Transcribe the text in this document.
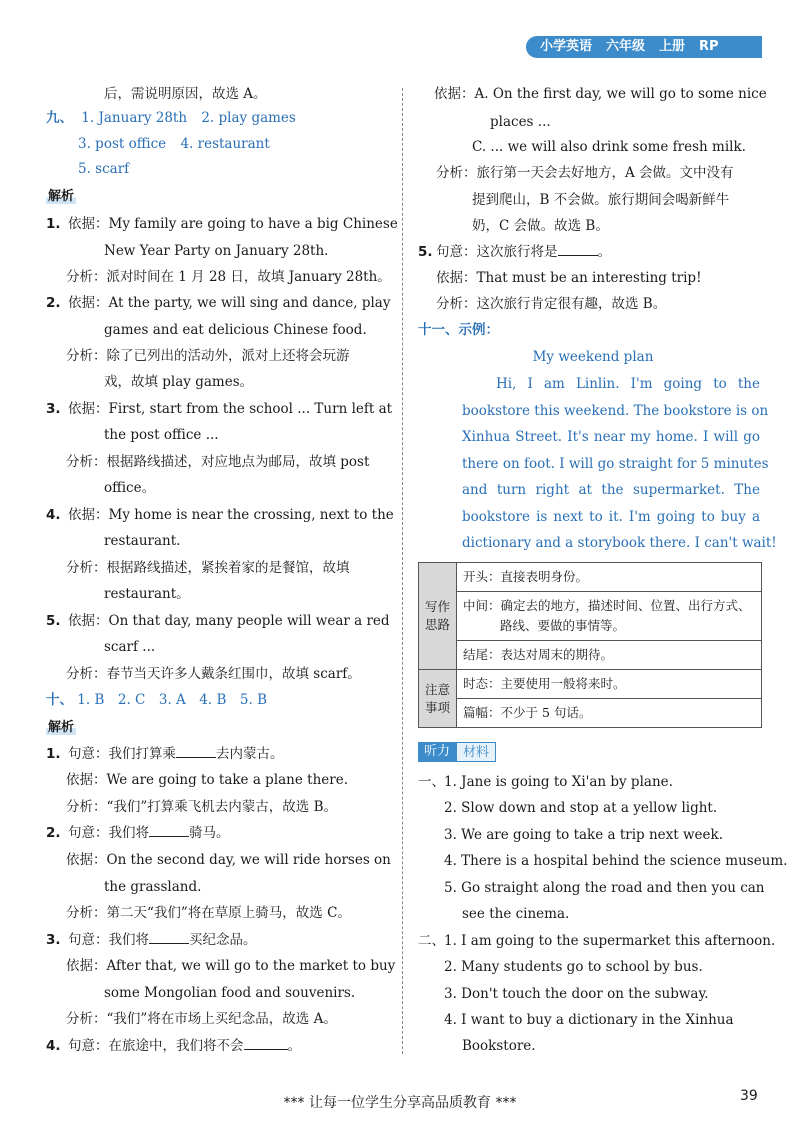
小学英语 六年级 上册 RP
后，需说明原因，故选 A。
九、 1. January 28th 2. play games
3. post office 4. restaurant
5. scarf
解析
1. 依据：My family are going to have a big Chinese
New Year Party on January 28th.
分析：派对时间在 1 月 28 日，故填 January 28th。
2. 依据：At the party, we will sing and dance, play
games and eat delicious Chinese food.
分析：除了已列出的活动外，派对上还将会玩游
戏，故填 play games。
3. 依据：First, start from the school ... Turn left at
the post office ...
分析：根据路线描述，对应地点为邮局，故填 post
office。
4. 依据：My home is near the crossing, next to the
restaurant.
分析：根据路线描述，紧挨着家的是餐馆，故填
restaurant。
5. 依据：On that day, many people will wear a red
scarf ...
分析：春节当天许多人戴条红围巾，故填 scarf。
十、 1. B　2. C　3. A　4. B　5. B
解析
1. 句意：我们打算乘	去内蒙古。
依据：We are going to take a plane there.
分析：“我们”打算乘飞机去内蒙古，故选 B。
2. 句意：我们将	骑马。
依据：On the second day, we will ride horses on
the grassland.
分析：第二天“我们”将在草原上骑马，故选 C。
3. 句意：我们将	买纪念品。
依据：After that, we will go to the market to buy
some Mongolian food and souvenirs.
分析：“我们”将在市场上买纪念品，故选 A。
4. 句意：在旅途中，我们将不会	。
依据：A. On the first day, we will go to some nice
places ...
C. ... we will also drink some fresh milk.
分析：旅行第一天会去好地方，A 会做。文中没有
提到爬山，B 不会做。旅行期间会喝新鲜牛
奶，C 会做。故选 B。
5. 句意：这次旅行将是	。
依据：That must be an interesting trip!
分析：这次旅行肯定很有趣，故选 B。
十一、示例：
My weekend plan
Hi, I am Linlin. I'm going to the
bookstore this weekend. The bookstore is on
Xinhua Street. It's near my home. I will go
there on foot. I will go straight for 5 minutes
and turn right at the supermarket. The
bookstore is next to it. I'm going to buy a
dictionary and a storybook there. I can't wait!
写作
思路	开头：直接表明身份。

	中间：确定去的地方，描述时间、位置、出行方式、
路线、要做的事情等。

	结尾：表达对周末的期待。

注意
事项	时态：主要使用一般将来时。
	篇幅：不少于 5 句话。
听力	材料
一、 1. Jane is going to Xi'an by plane.
2. Slow down and stop at a yellow light.
3. We are going to take a trip next week.
4. There is a hospital behind the science museum.
5. Go straight along the road and then you can
see the cinema.
二、 1. I am going to the supermarket this afternoon.
2. Many students go to school by bus.
3. Don't touch the door on the subway.
4. I want to buy a dictionary in the Xinhua
Bookstore.
*** 让每一位学生分享高品质教育 ***	39
